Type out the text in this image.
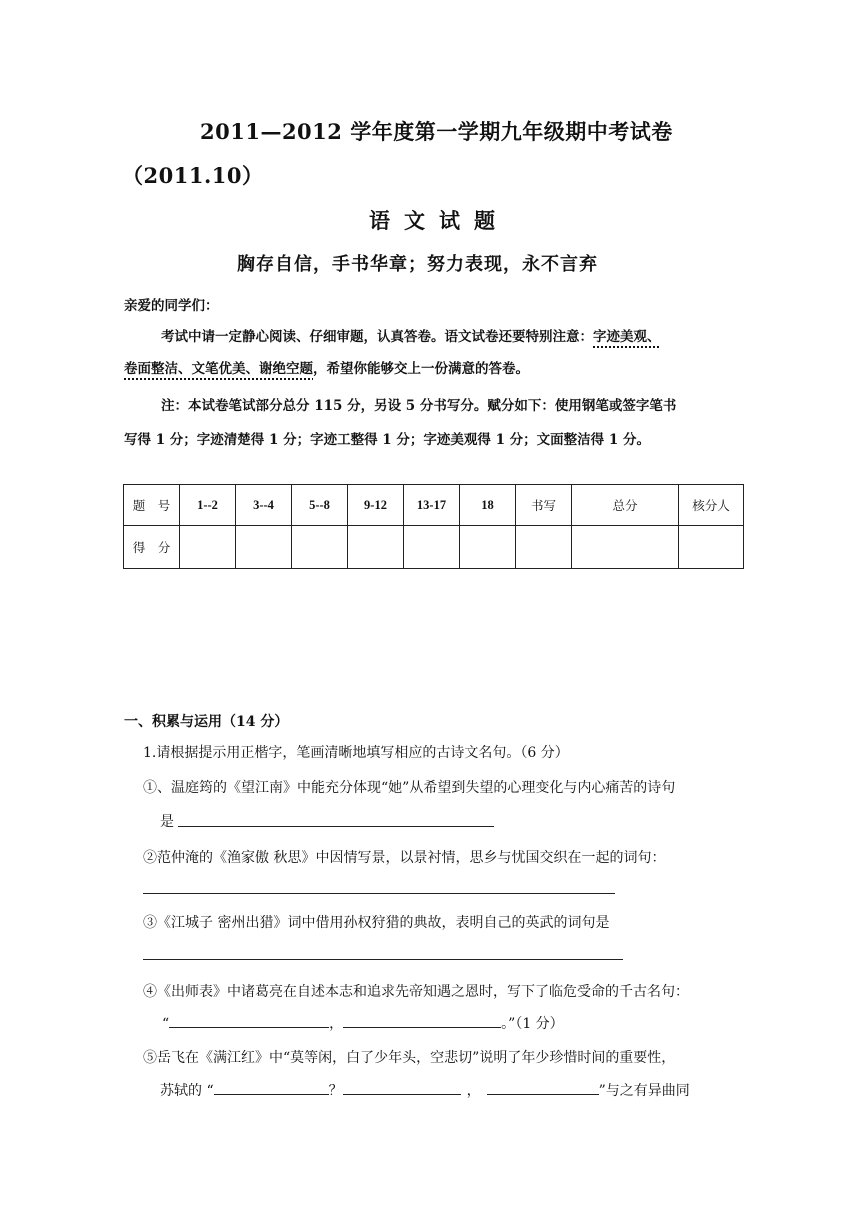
2011—2012 学年度第一学期九年级期中考试卷
（2011.10）
语文试题
胸存自信，手书华章；努力表现，永不言弃
亲爱的同学们：
考试中请一定静心阅读、仔细审题，认真答卷。语文试卷还要特别注意：字迹美观、
卷面整洁、文笔优美、谢绝空题，希望你能够交上一份满意的答卷。
注：本试卷笔试部分总分 115 分，另设 5 分书写分。赋分如下：使用钢笔或签字笔书
写得 1 分；字迹清楚得 1 分；字迹工整得 1 分；字迹美观得 1 分；文面整洁得 1 分。
题　号	1--2	3--4	5--8	9-12	13-17	18	书写	总分	核分人
得　分									
一、积累与运用（14 分）
1.请根据提示用正楷字，笔画清晰地填写相应的古诗文名句。（6 分）
①、温庭筠的《望江南》中能充分体现“她”从希望到失望的心理变化与内心痛苦的诗句
是
②范仲淹的《渔家傲 秋思》中因情写景，以景衬情，思乡与忧国交织在一起的词句：
③《江城子 密州出猎》词中借用孙权狩猎的典故，表明自己的英武的词句是
④《出师表》中诸葛亮在自述本志和追求先帝知遇之恩时，写下了临危受命的千古名句：
“	，	。”（1 分）
⑤岳飞在《满江红》中“莫等闲，白了少年头，空悲切”说明了年少珍惜时间的重要性，
苏轼的 “	？	，	”与之有异曲同
